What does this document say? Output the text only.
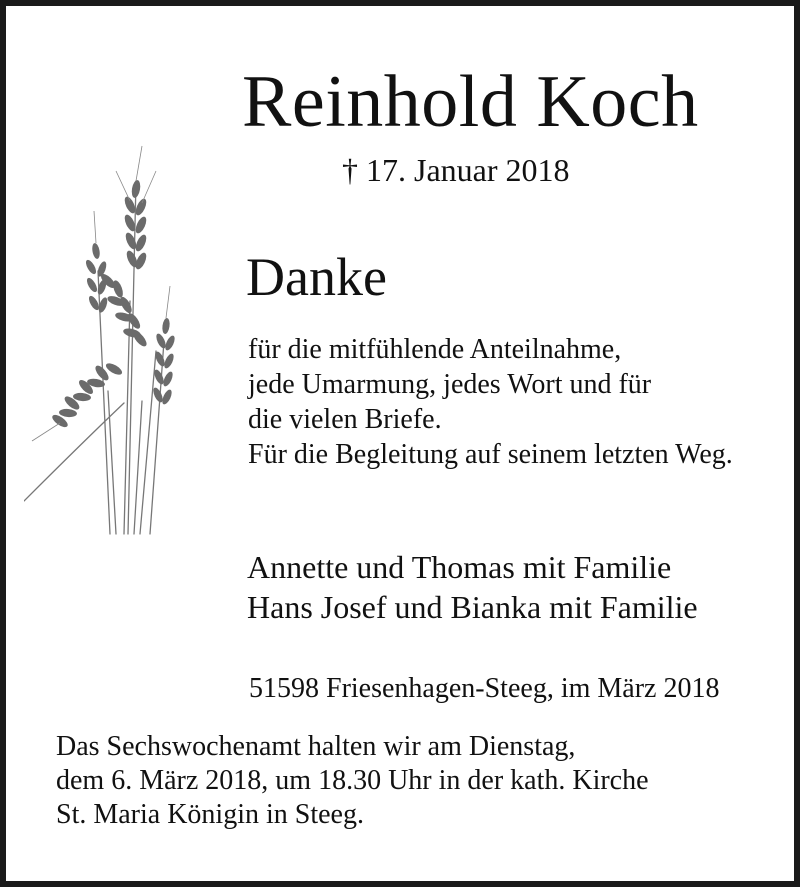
Reinhold Koch
† 17. Januar 2018
Danke
für die mitfühlende Anteilnahme,
jede Umarmung, jedes Wort und für
die vielen Briefe.
Für die Begleitung auf seinem letzten Weg.
Annette und Thomas mit Familie
Hans Josef und Bianka mit Familie
51598 Friesenhagen-Steeg, im März 2018
Das Sechswochenamt halten wir am Dienstag,
dem 6. März 2018, um 18.30 Uhr in der kath. Kirche
St. Maria Königin in Steeg.
